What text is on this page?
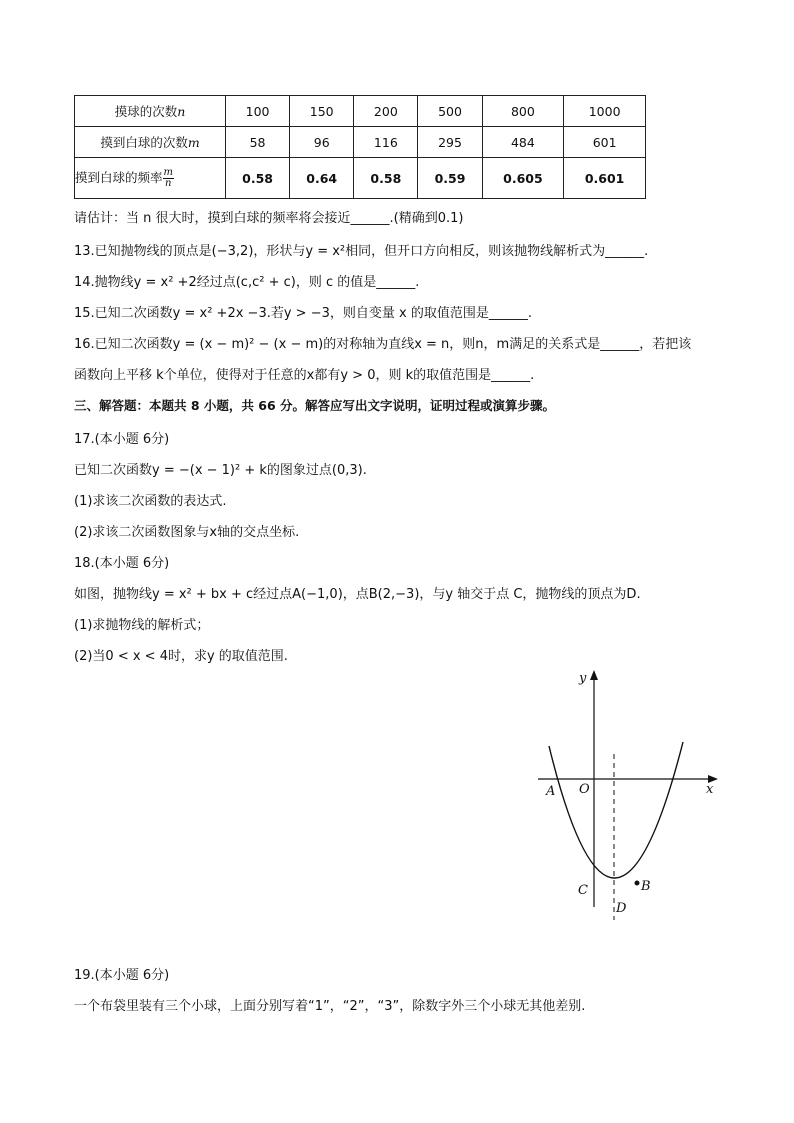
摸球的次数n	100	150	200	500	800	1000
摸到白球的次数m	58	96	116	295	484	601
摸到白球的频率 $\frac{m}{n}$	0.58	0.64	0.58	0.59	0.605	0.601
请估计：当 n 很大时，摸到白球的频率将会接近______.(精确到0.1)
13.已知抛物线的顶点是(−3,2)，形状与y = x²相同，但开口方向相反，则该抛物线解析式为______.
14.抛物线y = x² +2经过点(c,c² + c)，则 c 的值是______.
15.已知二次函数y = x² +2x −3.若y > −3，则自变量 x 的取值范围是______.
16.已知二次函数y = (x − m)² − (x − m)的对称轴为直线x = n，则n，m满足的关系式是______，若把该
函数向上平移 k个单位，使得对于任意的x都有y > 0，则 k的取值范围是______.
三、解答题：本题共 8 小题，共 66 分。解答应写出文字说明，证明过程或演算步骤。
17.(本小题 6分)
已知二次函数y = −(x − 1)² + k的图象过点(0,3).
(1)求该二次函数的表达式.
(2)求该二次函数图象与x轴的交点坐标.
18.(本小题 6分)
如图，抛物线y = x² + bx + c经过点A(−1,0)，点B(2,−3)，与y 轴交于点 C，抛物线的顶点为D.
(1)求抛物线的解析式；
(2)当0 < x < 4时，求y 的取值范围.
y
x
A O
B
C
D
19.(本小题 6分)
一个布袋里装有三个小球，上面分别写着“1”，“2”，“3”，除数字外三个小球无其他差别.
